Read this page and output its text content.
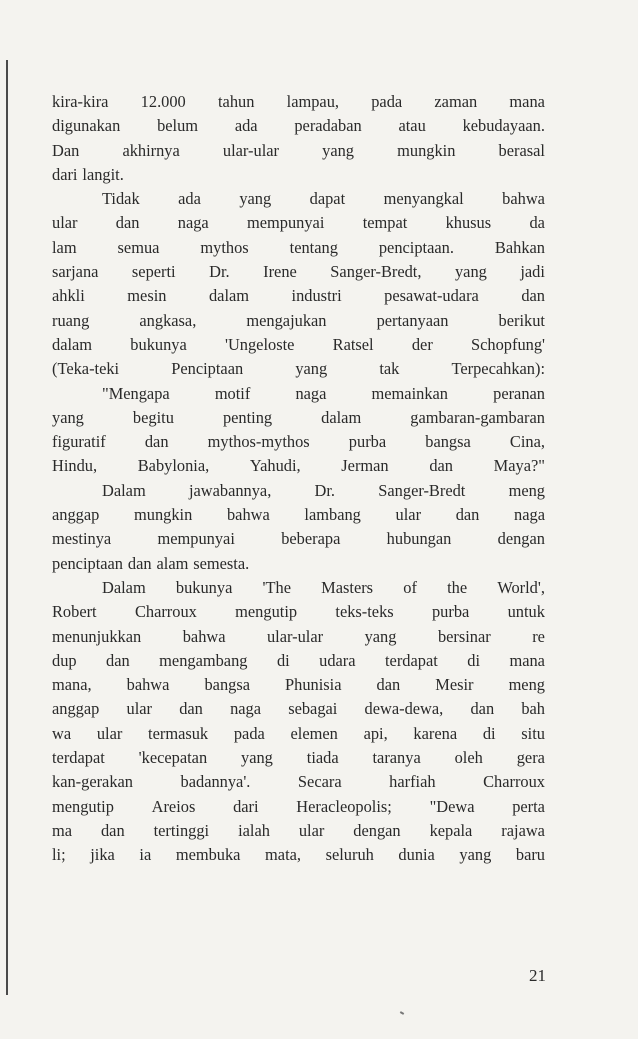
kira-kira 12.000 tahun lampau, pada zaman mana
digunakan belum ada peradaban atau kebudayaan.
Dan	akhirnya	ular-ular	yang	mungkin	berasal
dari langit.
Tidak ada yang dapat menyangkal bahwa
ular dan naga mempunyai tempat khusus da
lam semua mythos tentang penciptaan. Bahkan
sarjana seperti Dr. Irene Sanger-Bredt, yang jadi
ahkli	mesin	dalam	industri	pesawat-udara	dan
ruang	angkasa,	mengajukan	pertanyaan	berikut
dalam bukunya 'Ungeloste Ratsel der Schopfung'
(Teka-teki	Penciptaan	yang	tak	Terpecahkan):
"Mengapa	motif	naga	memainkan	peranan
yang	begitu	penting	dalam	gambaran-gambaran
figuratif dan mythos-mythos purba bangsa Cina,
Hindu, Babylonia, Yahudi, Jerman dan Maya?"
Dalam	jawabannya,	Dr.	Sanger-Bredt	meng
anggap mungkin bahwa lambang ular dan naga
mestinya	mempunyai	beberapa	hubungan	dengan
penciptaan dan alam semesta.
Dalam bukunya 'The Masters of the World',
Robert Charroux mengutip teks-teks purba untuk
menunjukkan	bahwa	ular-ular	yang	bersinar	re
dup dan mengambang di udara terdapat di mana
mana, bahwa bangsa Phunisia dan Mesir meng
anggap ular dan naga sebagai dewa-dewa, dan bah
wa ular termasuk pada elemen api, karena di situ
terdapat 'kecepatan yang tiada taranya oleh gera
kan-gerakan	badannya'.	Secara	harfiah	Charroux
mengutip Areios dari Heracleopolis; "Dewa perta
ma dan tertinggi ialah ular dengan kepala rajawa
li; jika ia membuka mata, seluruh dunia yang baru
21
